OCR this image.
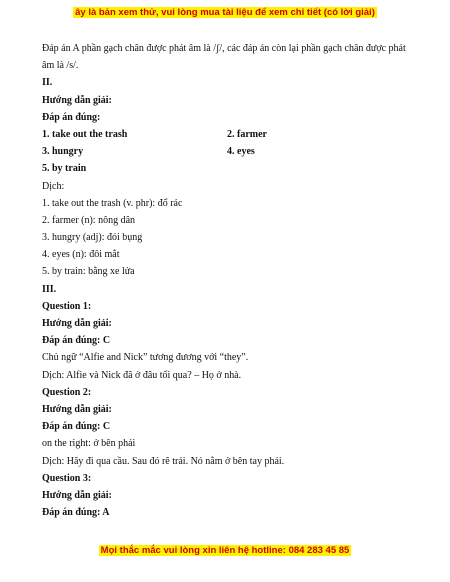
ây là bản xem thử, vui lòng mua tài liệu để xem chi tiết (có lời giải)
Đáp án A phần gạch chân được phát âm là /ʃ/, các đáp án còn lại phần gạch chân được phát âm là /s/.
II.
Hướng dẫn giải:
Đáp án đúng:
1. take out the trash	2. farmer
3. hungry	4. eyes
5. by train
Dịch:
1. take out the trash (v. phr): đổ rác
2. farmer (n): nông dân
3. hungry (adj): đói bụng
4. eyes (n): đôi mắt
5. by train: bằng xe lửa
III.
Question 1:
Hướng dẫn giải:
Đáp án đúng: C
Chủ ngữ “Alfie and Nick” tương đương với “they”.
Dịch: Alfie và Nick đã ở đâu tối qua? – Họ ở nhà.
Question 2:
Hướng dẫn giải:
Đáp án đúng: C
on the right: ở bên phải
Dịch: Hãy đi qua cầu. Sau đó rẽ trái. Nó nằm ở bên tay phải.
Question 3:
Hướng dẫn giải:
Đáp án đúng: A
Mọi thắc mắc vui lòng xin liên hệ hotline: 084 283 45 85
